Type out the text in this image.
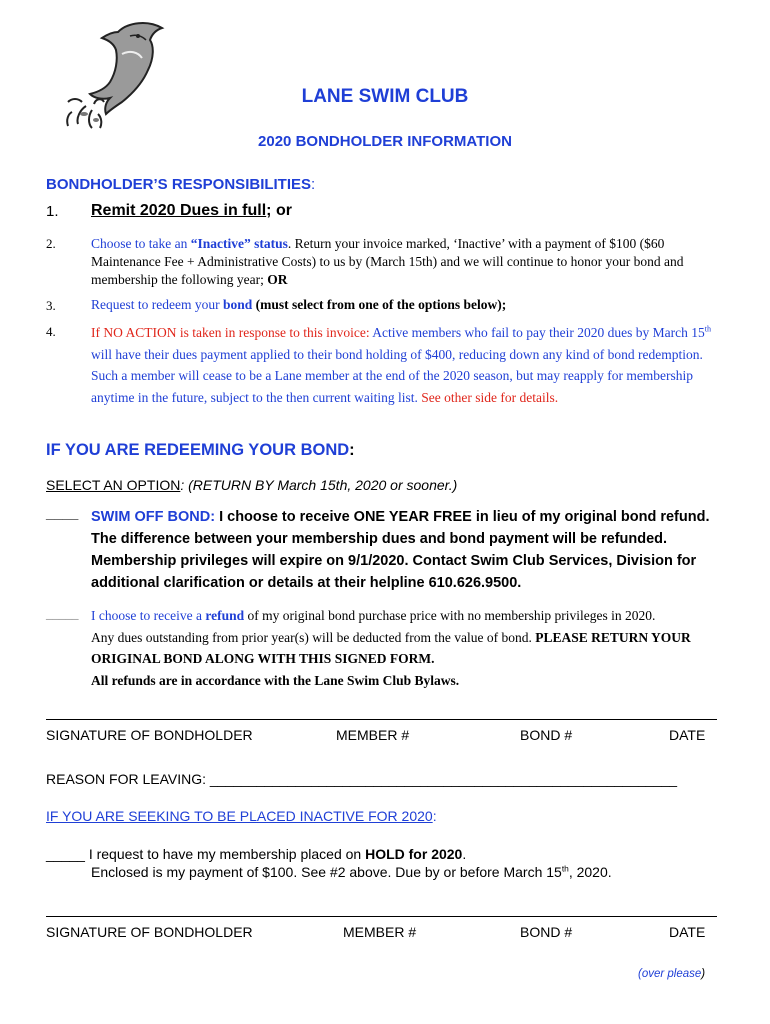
LANE SWIM CLUB
2020 BONDHOLDER INFORMATION
BONDHOLDER’S RESPONSIBILITIES:
1. Remit 2020 Dues in full; or
2.	Choose to take an “Inactive” status. Return your invoice marked, ‘Inactive’ with a payment of $100 ($60 Maintenance Fee + Administrative Costs) to us by (March 15th) and we will continue to honor your bond and membership the following year; OR
3.	Request to redeem your bond (must select from one of the options below);
4.	If NO ACTION is taken in response to this invoice: Active members who fail to pay their 2020 dues by March 15th will have their dues payment applied to their bond holding of $400, reducing down any kind of bond redemption. Such a member will cease to be a Lane member at the end of the 2020 season, but may reapply for membership anytime in the future, subject to the then current waiting list. See other side for details.
IF YOU ARE REDEEMING YOUR BOND:
SELECT AN OPTION: (RETURN BY March 15th, 2020 or sooner.)
____ SWIM OFF BOND: I choose to receive ONE YEAR FREE in lieu of my original bond refund. The difference between your membership dues and bond payment will be refunded. Membership privileges will expire on 9/1/2020. Contact Swim Club Services, Division for additional clarification or details at their helpline 610.626.9500.
_____ I choose to receive a refund of my original bond purchase price with no membership privileges in 2020.
Any dues outstanding from prior year(s) will be deducted from the value of bond. PLEASE RETURN YOUR ORIGINAL BOND ALONG WITH THIS SIGNED FORM.
All refunds are in accordance with the Lane Swim Club Bylaws.
SIGNATURE OF BONDHOLDER	MEMBER #	BOND #	DATE
REASON FOR LEAVING: ____________________________________________________________
IF YOU ARE SEEKING TO BE PLACED INACTIVE FOR 2020:
_____ I request to have my membership placed on HOLD for 2020.
Enclosed is my payment of $100. See #2 above. Due by or before March 15th, 2020.
SIGNATURE OF BONDHOLDER	MEMBER #	BOND #	DATE
(over please)
